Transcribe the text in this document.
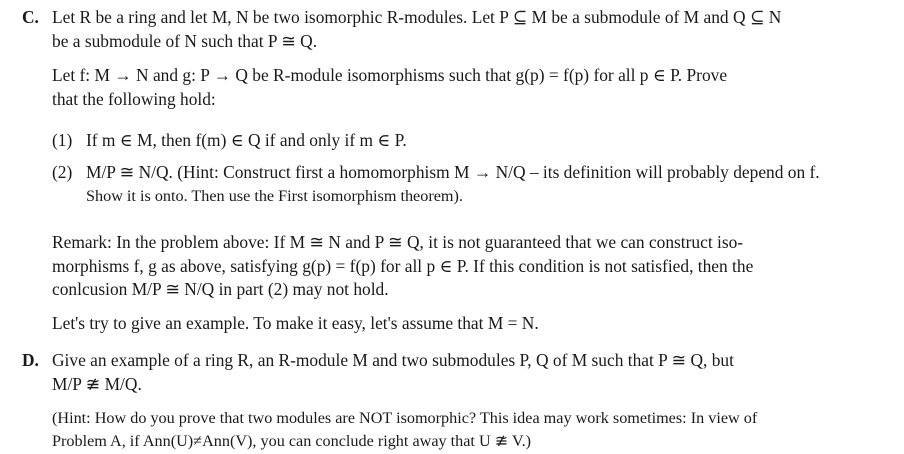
C. Let R be a ring and let M, N be two isomorphic R-modules. Let P ⊆ M be a submodule of M and Q ⊆ N
be a submodule of N such that P ≅ Q.
Let f: M → N and g: P → Q be R-module isomorphisms such that g(p) = f(p) for all p ∈ P. Prove
that the following hold:
(1) If m ∈ M, then f(m) ∈ Q if and only if m ∈ P.
(2) M/P ≅ N/Q. (Hint: Construct first a homomorphism M → N/Q – its definition will probably depend on f.
Show it is onto. Then use the First isomorphism theorem).
Remark: In the problem above: If M ≅ N and P ≅ Q, it is not guaranteed that we can construct iso-
morphisms f, g as above, satisfying g(p) = f(p) for all p ∈ P. If this condition is not satisfied, then the
conlcusion M/P ≅ N/Q in part (2) may not hold.
Let's try to give an example. To make it easy, let's assume that M = N.
D. Give an example of a ring R, an R-module M and two submodules P, Q of M such that P ≅ Q, but
M/P ≇ M/Q.
(Hint: How do you prove that two modules are NOT isomorphic? This idea may work sometimes: In view of
Problem A, if Ann(U)≠Ann(V), you can conclude right away that U ≇ V.)
